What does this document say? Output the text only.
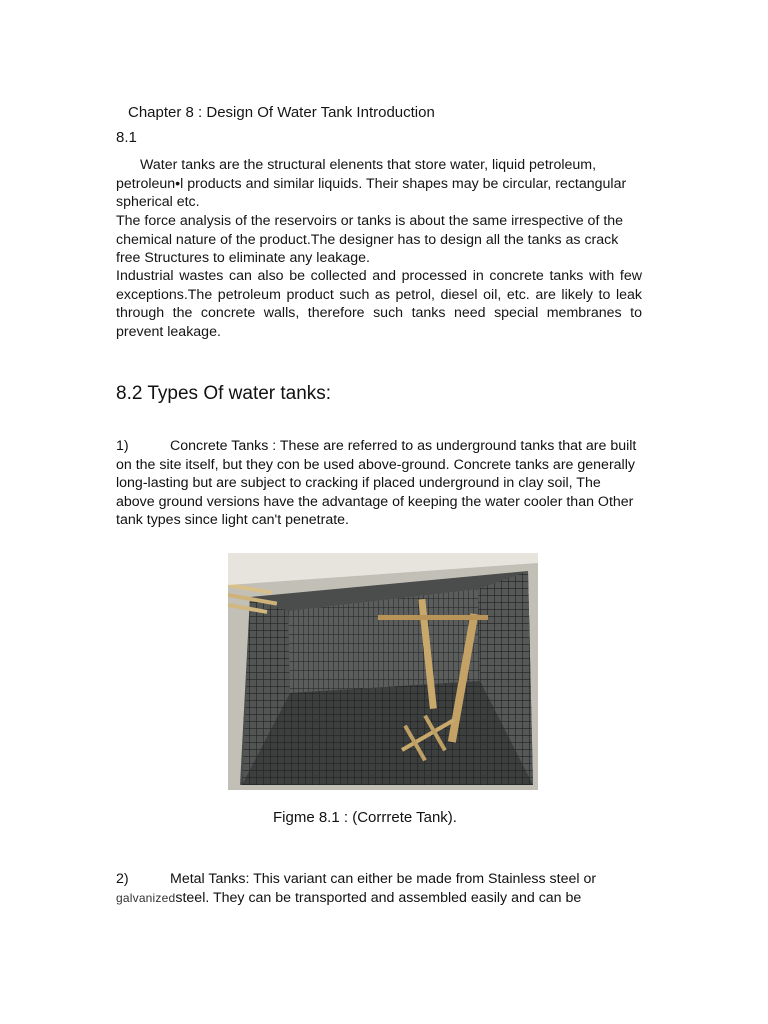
Chapter 8 : Design Of Water Tank Introduction
8.1
Water tanks are the structural elenents that store water, liquid petroleum, petroleun•l products and similar liquids. Their shapes may be circular, rectangular spherical etc.
The force analysis of the reservoirs or tanks is about the same irrespective of the chemical nature of the product.The designer has to design all the tanks as crack free Structures to eliminate any leakage.
Industrial wastes can also be collected and processed in concrete tanks with few exceptions.The petroleum product such as petrol, diesel oil, etc. are likely to leak through the concrete walls, therefore such tanks need special membranes to prevent leakage.
8.2 Types Of water tanks:
1)	Concrete Tanks : These are referred to as underground tanks that are built on the site itself, but they con be used above-ground. Concrete tanks are generally long-lasting but are subject to cracking if placed underground in clay soil, The above ground versions have the advantage of keeping the water cooler than Other tank types since light can't penetrate.
Figme 8.1 : (Corrrete Tank).
2)	Metal Tanks: This variant can either be made from Stainless steel or
galvanizedsteel. They can be transported and assembled easily and can be
